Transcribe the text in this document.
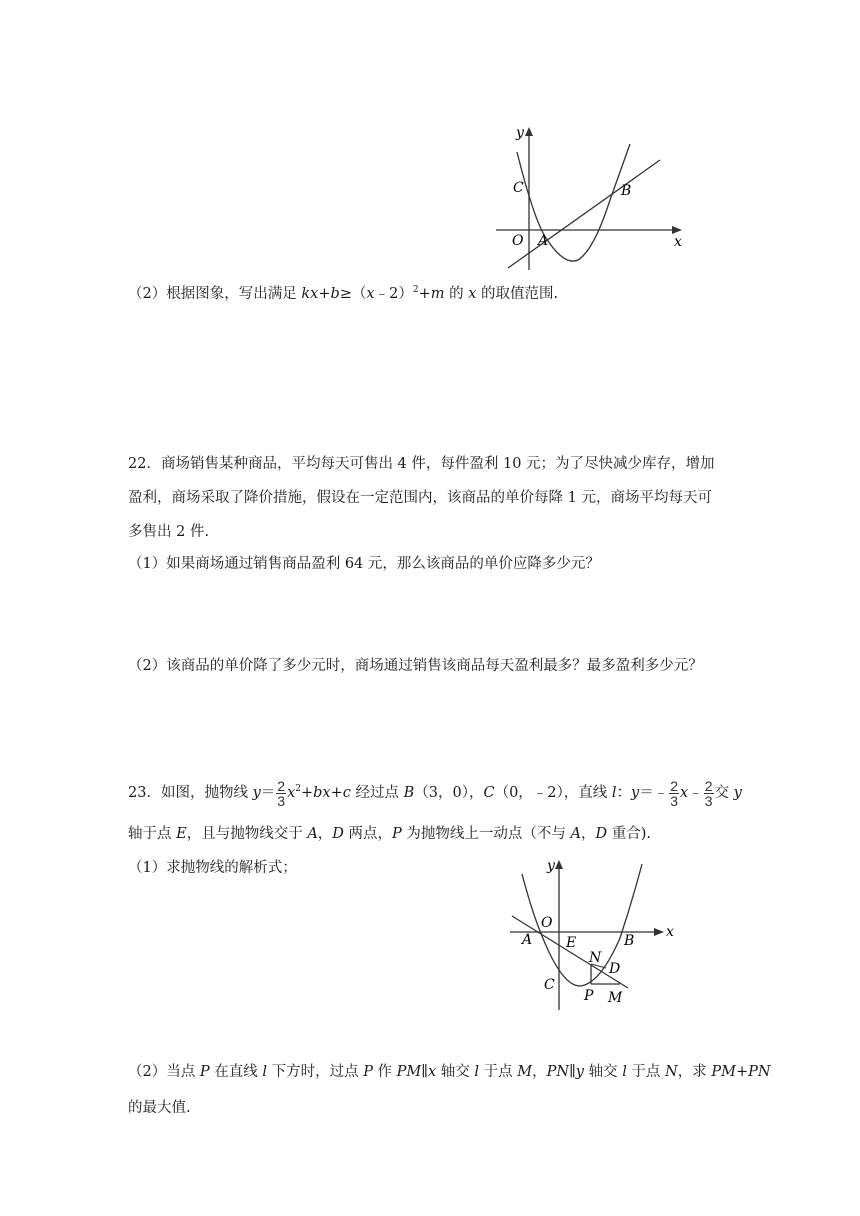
y
x
C	B
O A
（2）根据图象，写出满足 kx+b≥（x﹣2）$^2$+m 的 x 的取值范围.
22．商场销售某种商品，平均每天可售出 4 件，每件盈利 10 元；为了尽快减少库存，增加
盈利，商场采取了降价措施，假设在一定范围内，该商品的单价每降 1 元，商场平均每天可
多售出 2 件.
（1）如果商场通过销售商品盈利 64 元，那么该商品的单价应降多少元？
（2）该商品的单价降了多少元时，商场通过销售该商品每天盈利最多？最多盈利多少元？
23．如图，抛物线 $y= \frac{2}{3} x^2+bx+c$ 经过点 B（3，0），C（0，﹣2），直线 l：y＝﹣ $\frac{2}{3}$ x﹣ $\frac{2}{3}$ 交 y
轴于点 E，且与抛物线交于 A，D 两点，P 为抛物线上一动点（不与 A，D 重合).
（1）求抛物线的解析式；	y
x
O
A E	B
N
D
C
P M
（2）当点 P 在直线 l 下方时，过点 P 作 PM∥x 轴交 l 于点 M，PN∥y 轴交 l 于点 N，求 PM+PN
的最大值.
